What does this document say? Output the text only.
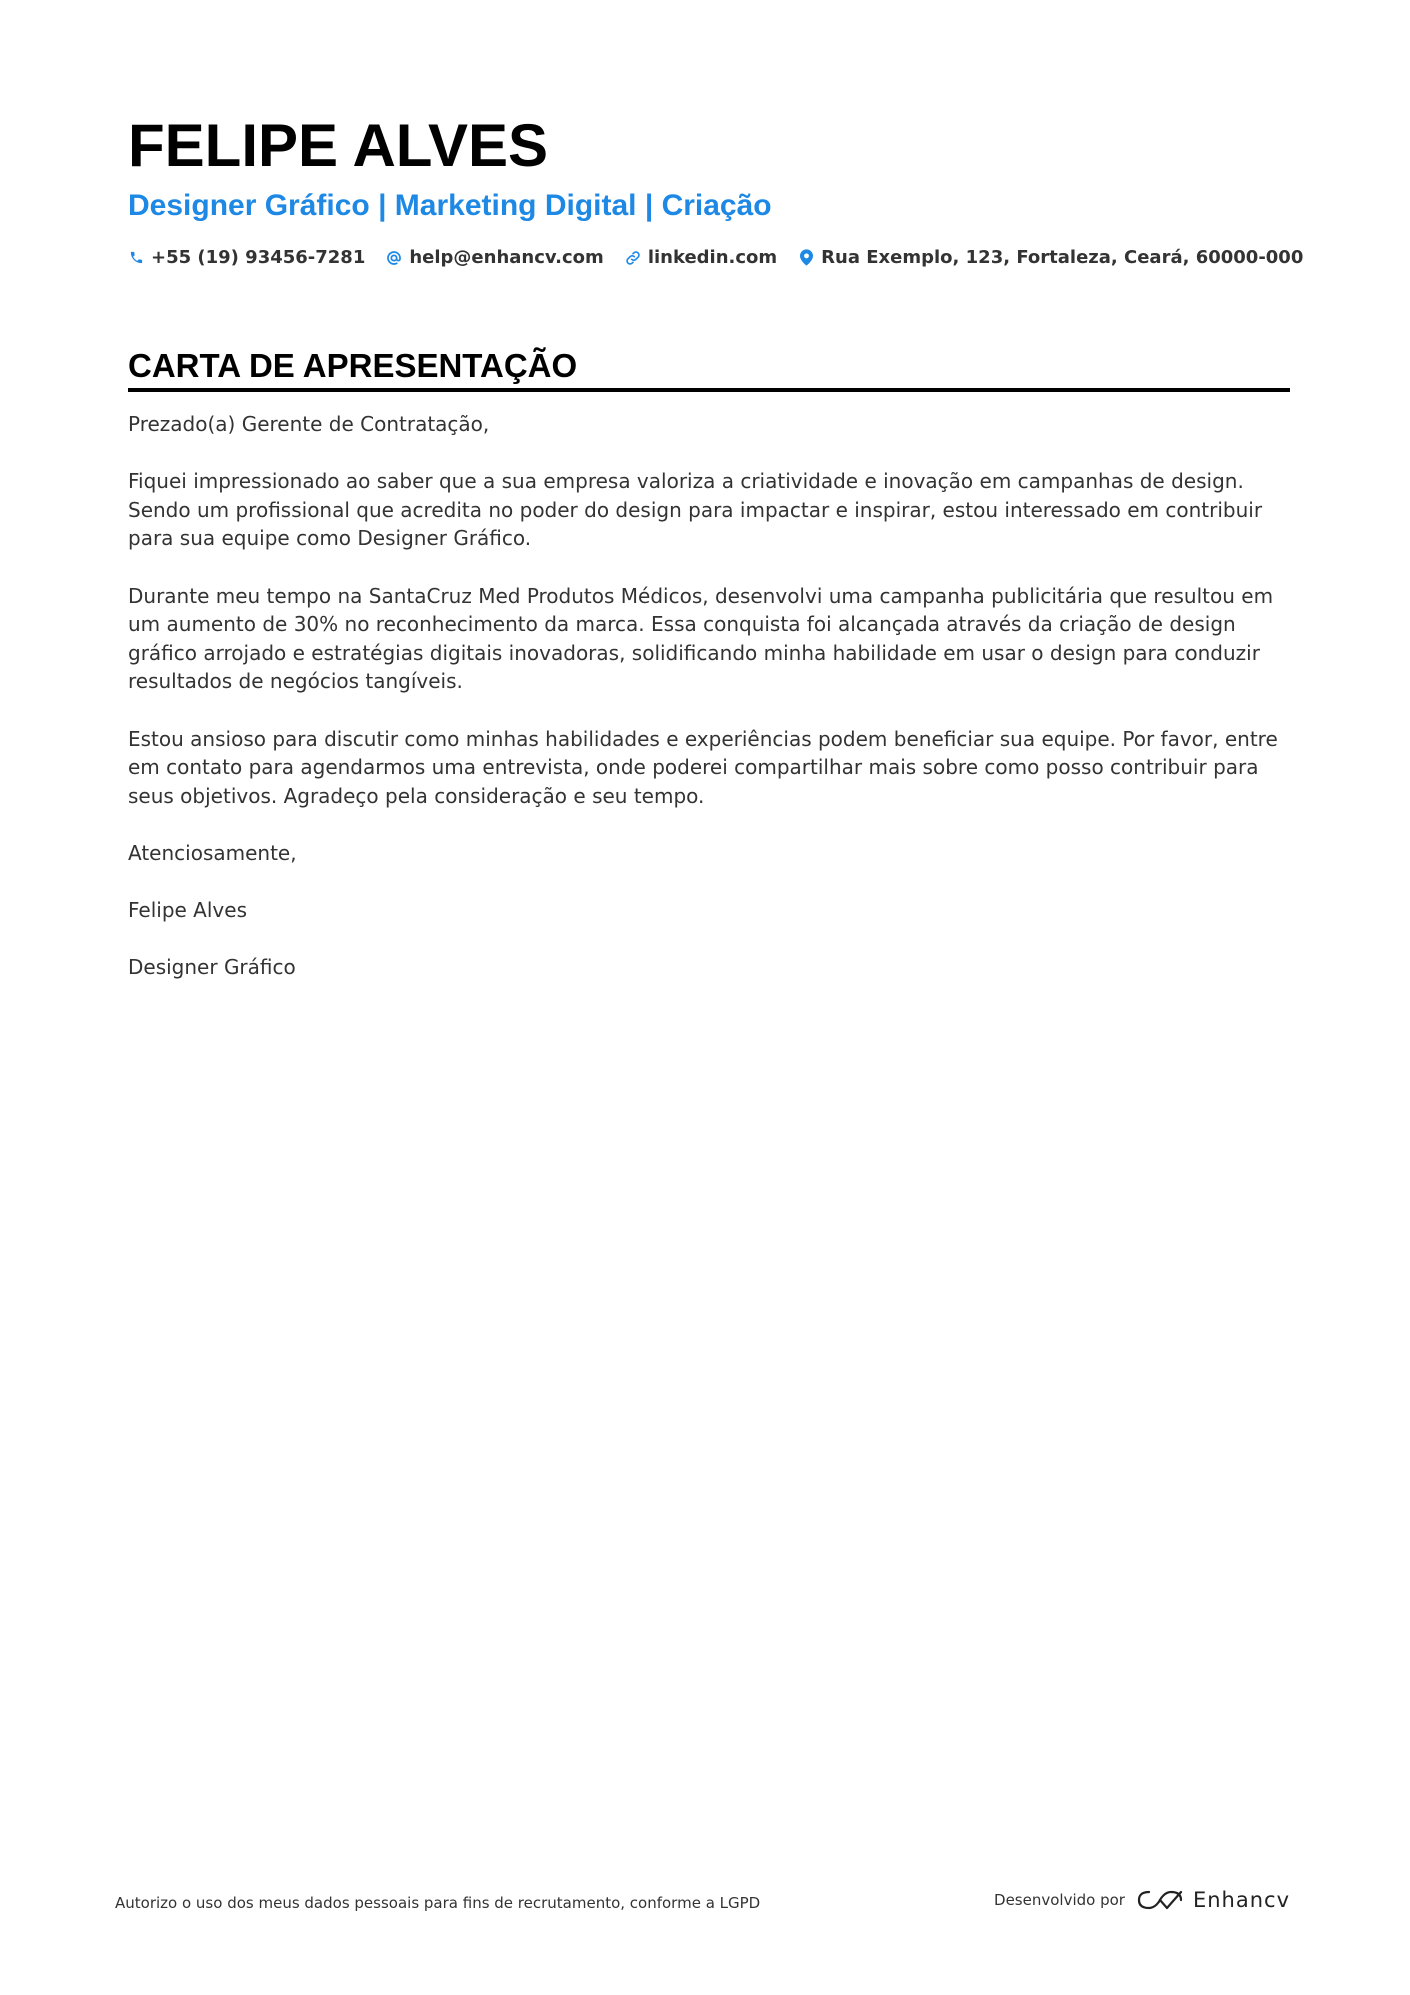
FELIPE ALVES
Designer Gráfico | Marketing Digital | Criação
+55 (19) 93456-7281 help@enhancv.com linkedin.com Rua Exemplo, 123, Fortaleza, Ceará, 60000-000
CARTA DE APRESENTAÇÃO

Prezado(a) Gerente de Contratação,

Fiquei impressionado ao saber que a sua empresa valoriza a criatividade e inovação em campanhas de design. Sendo um profissional que acredita no poder do design para impactar e inspirar, estou interessado em contribuir para sua equipe como Designer Gráfico.

Durante meu tempo na SantaCruz Med Produtos Médicos, desenvolvi uma campanha publicitária que resultou em um aumento de 30% no reconhecimento da marca. Essa conquista foi alcançada através da criação de design gráfico arrojado e estratégias digitais inovadoras, solidificando minha habilidade em usar o design para conduzir resultados de negócios tangíveis.

Estou ansioso para discutir como minhas habilidades e experiências podem beneficiar sua equipe. Por favor, entre em contato para agendarmos uma entrevista, onde poderei compartilhar mais sobre como posso contribuir para seus objetivos. Agradeço pela consideração e seu tempo.

Atenciosamente,

Felipe Alves

Designer Gráfico

Autorizo o uso dos meus dados pessoais para fins de recrutamento, conforme a LGPD	Desenvolvido por	Enhancv
